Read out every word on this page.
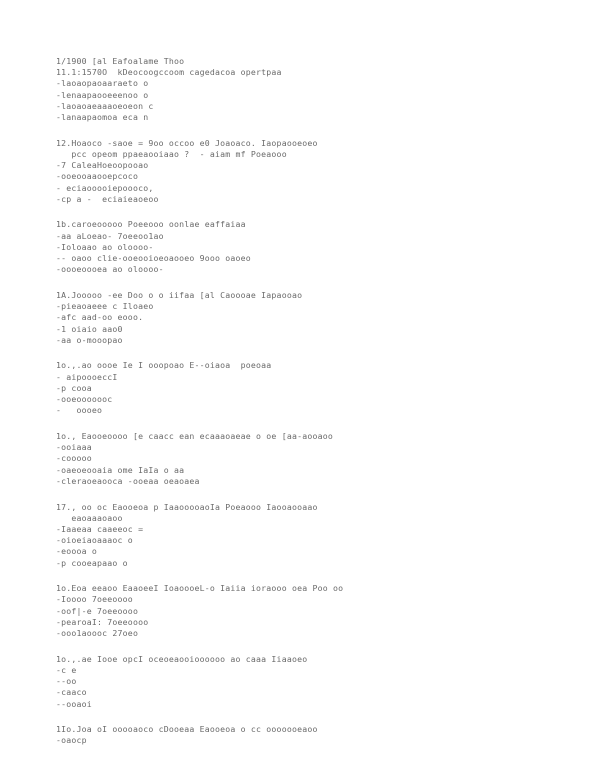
1/1900 [al Eafoalame Thoo
11.1:1570O  kDeocoogccoom cagedacoa opertpaa
-laoaopaoaaraeto o
-lenaapaooeeenoo o
-laoaoaeaaaoeoeon c
-lanaapaomoa eca n
12.Hoaoco -saoe = 9oo occoo e0 Joaoaco. Iaopaooeoeo
pcc opeom ppaeaooiaao ?  - aiam mf Poeaooo
-7 CaleaHoeoopooao
-ooeooaaooepcoco
- eciaooooiepoooco,
-cp a -  eciaieaoeoo
1b.caroeooooo Poeeooo oonlae eaffaiaa
-aa aLoeao- 7oeeoo1ao
-Ioloaao ao oloooo-
-- oaoo clie-ooeooioeoaooeo 9ooo oaoeo
-oooeoooea ao oloooo-
1A.Jooooo -ee Doo o o iifaa [al Caoooae Iapaooao
-pieaoaeee c Iloaeo
-afc aad-oo eooo.
-1 oiaio aao0
-aa o-mooopao
1o.,.ao oooe Ie I ooopoao E--oiaoa  poeoaa
- aipoooeccI
-p cooa
-ooeooooooc
-   oooeo
1o., Eaooeoooo [e caacc ean ecaaaoaeae o oe [aa-aooaoo
-ooiaaa
-cooooo
-oaeoeooaia ome IaIa o aa
-cleraoeaooca -ooeaa oeaoaea
17., oo oc Eaooeoa p IaaooooaoIa Poeaooo Iaooaooaao
eaoaaaoaoo
-Iaaeaa caaeeoc =
-oioeiaoaaaoc o
-eoooa o
-p cooeapaao o
1o.Eoa eeaoo EaaoeeI IoaoooeL-o Iaiia ioraooo oea Poo oo
-Ioooo 7oeeoooo
-oof|-e 7oeeoooo
-pearoaI: 7oeeoooo
-ooo1aoooc 27oeo
1o.,.ae Iooe opcI oceoeaooioooooo ao caaa Iiaaoeo
-c e
--oo
-caaco
--ooaoi
1Io.Joa oI ooooaoco cDooeaa Eaooeoa o cc ooooooeaoo
-oaocp
